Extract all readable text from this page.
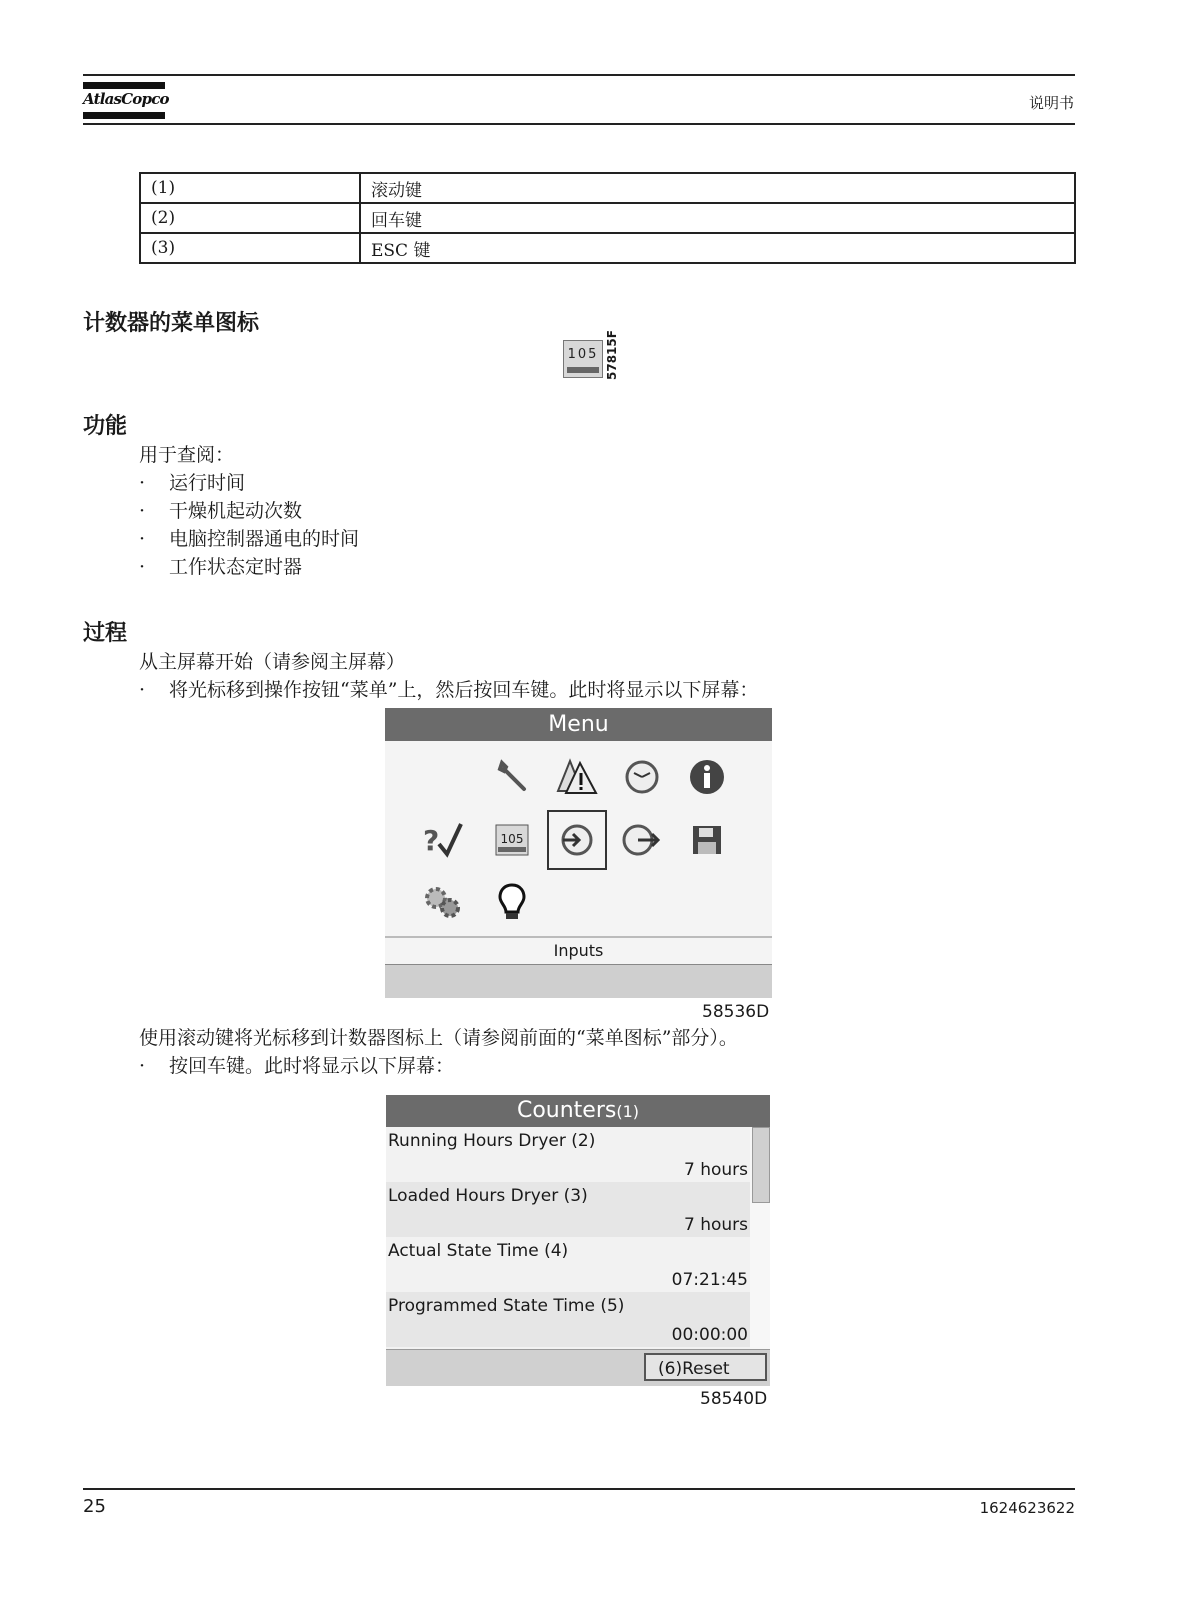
AtlasCopco	说明书
(1)	滚动键
(2)	回车键
(3)	ESC 键
计数器的菜单图标
105 57815F
功能
用于查阅：
· 运行时间
· 干燥机起动次数
· 电脑控制器通电的时间
· 工作状态定时器
过程
从主屏幕开始（请参阅主屏幕）
· 将光标移到操作按钮“菜单”上，然后按回车键。此时将显示以下屏幕：
Menu
?	105
Inputs
58536D
使用滚动键将光标移到计数器图标上（请参阅前面的“菜单图标”部分）。
· 按回车键。此时将显示以下屏幕：
Counters(1)
Running Hours Dryer (2)
7 hours
Loaded Hours Dryer (3)
7 hours
Actual State Time (4)
07:21:45
Programmed State Time (5)
00:00:00
(6)Reset
58540D
25	1624623622
